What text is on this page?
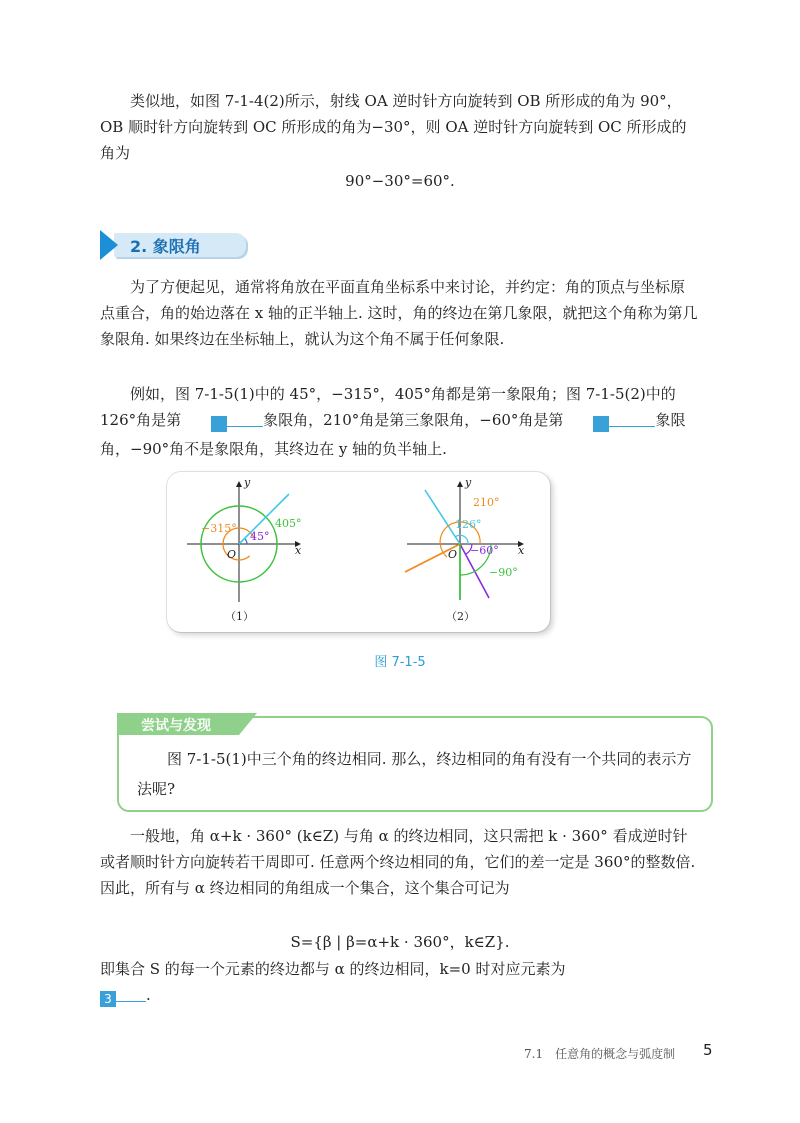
类似地，如图 7-1-4(2)所示，射线 OA 逆时针方向旋转到 OB 所形成的角为 90°，OB 顺时针方向旋转到 OC 所形成的角为−30°，则 OA 逆时针方向旋转到 OC 所形成的角为

90°−30°=60°.
2. 象限角

为了方便起见，通常将角放在平面直角坐标系中来讨论，并约定：角的顶点与坐标原点重合，角的始边落在 x 轴的正半轴上. 这时，角的终边在第几象限，就把这个角称为第几象限角. 如果终边在坐标轴上，就认为这个角不属于任何象限.

例如，图 7-1-5(1)中的 45°，−315°，405°角都是第一象限角；图 7-1-5(2)中的 126°角是第	1 象限角，210°角是第三象限角，−60°角是第	2 象限角，−90°角不是象限角，其终边在 y 轴的负半轴上.

−315°
45°
405°
O	x
y
（1）
210°
126°
−60°
−90°
O	x
y
（2）
图 7-1-5
尝试与发现

图 7-1-5(1)中三个角的终边相同. 那么，终边相同的角有没有一个共同的表示方法呢?

一般地，角 α+k · 360° (k∈Z) 与角 α 的终边相同，这只需把 k · 360° 看成逆时针或者顺时针方向旋转若干周即可. 任意两个终边相同的角，它们的差一定是 360°的整数倍. 因此，所有与 α 终边相同的角组成一个集合，这个集合可记为

S={β | β=α+k · 360°，k∈Z}.

即集合 S 的每一个元素的终边都与 α 的终边相同，k=0 时对应元素为
3 .

7.1　任意角的概念与弧度制 5
